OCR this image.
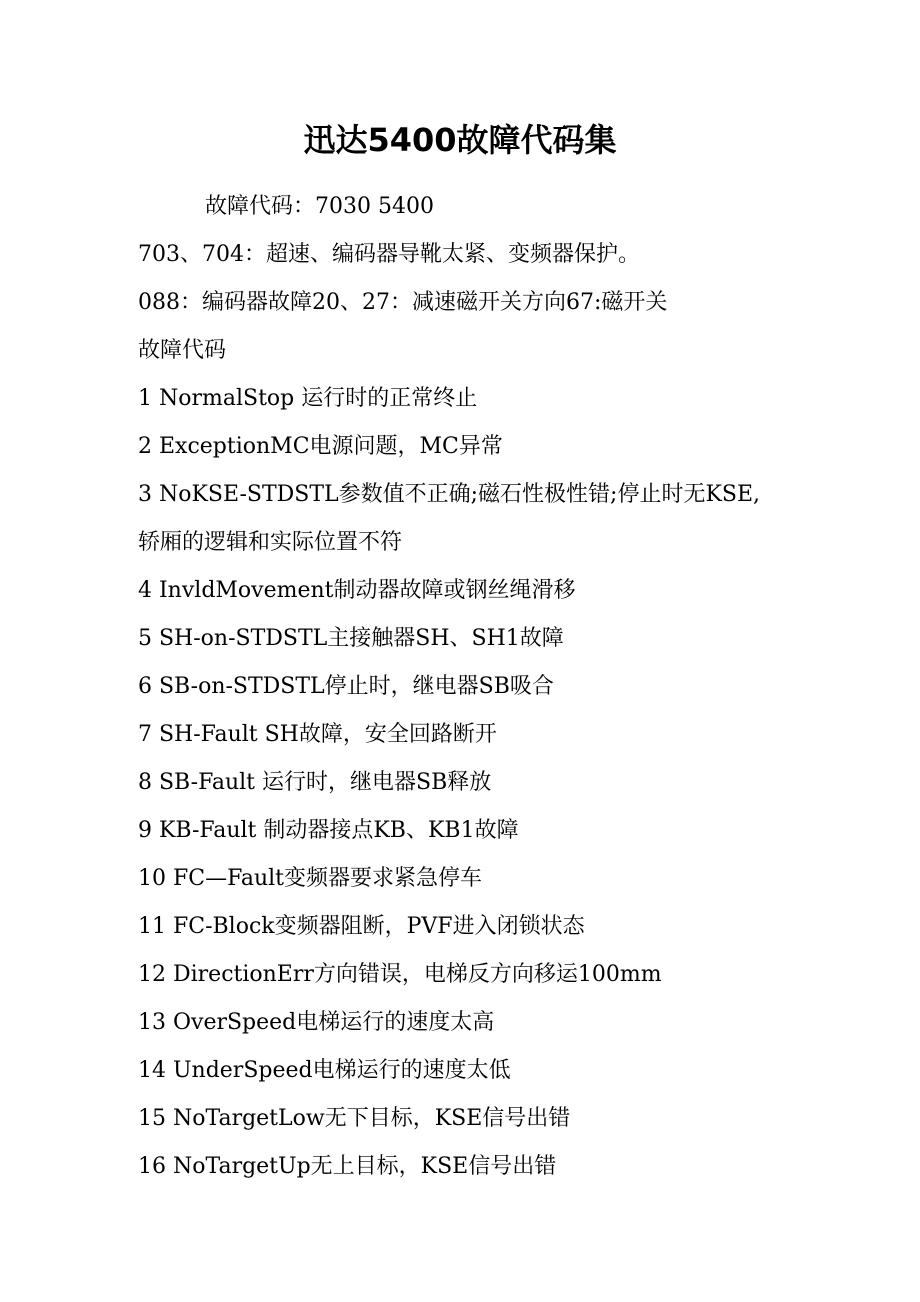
迅达5400故障代码集
故障代码：7030 5400
703、704：超速、编码器导靴太紧、变频器保护。
088：编码器故障20、27：减速磁开关方向67:磁开关
故障代码
1 NormalStop 运行时的正常终止
2 ExceptionMC电源问题，MC异常
3 NoKSE-STDSTL参数值不正确;磁石性极性错;停止时无KSE,
轿厢的逻辑和实际位置不符
4 InvldMovement制动器故障或钢丝绳滑移
5 SH-on-STDSTL主接触器SH、SH1故障
6 SB-on-STDSTL停止时，继电器SB吸合
7 SH-Fault SH故障，安全回路断开
8 SB-Fault 运行时，继电器SB释放
9 KB-Fault 制动器接点KB、KB1故障
10 FC—Fault变频器要求紧急停车
11 FC-Block变频器阻断，PVF进入闭锁状态
12 DirectionErr方向错误，电梯反方向移运100mm
13 OverSpeed电梯运行的速度太高
14 UnderSpeed电梯运行的速度太低
15 NoTargetLow无下目标，KSE信号出错
16 NoTargetUp无上目标，KSE信号出错
